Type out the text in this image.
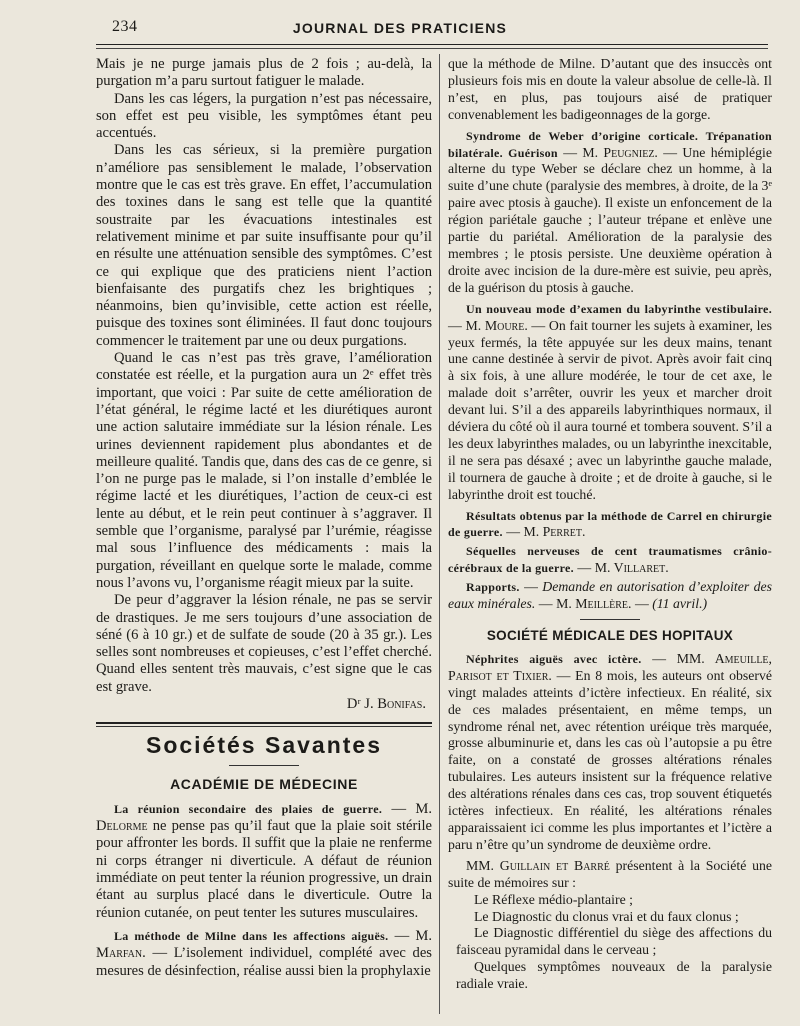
234	JOURNAL DES PRATICIENS

Mais je ne purge jamais plus de 2 fois ; au-delà, la purgation m’a paru surtout fatiguer le malade.

Dans les cas légers, la purgation n’est pas nécessaire, son effet est peu visible, les symptômes étant peu accentués.

Dans les cas sérieux, si la première purgation n’améliore pas sensiblement le malade, l’observation montre que le cas est très grave. En effet, l’accumulation des toxines dans le sang est telle que la quantité soustraite par les évacuations intestinales est relativement minime et par suite insuffisante pour qu’il en résulte une atténuation sensible des symptômes. C’est ce qui explique que des praticiens nient l’action bienfaisante des purgatifs chez les brightiques ; néanmoins, bien qu’invisible, cette action est réelle, puisque des toxines sont éliminées. Il faut donc toujours commencer le traitement par une ou deux purgations.

Quand le cas n’est pas très grave, l’amélioration constatée est réelle, et la purgation aura un 2ᵉ effet très important, que voici : Par suite de cette amélioration de l’état général, le régime lacté et les diurétiques auront une action salutaire immédiate sur la lésion rénale. Les urines deviennent rapidement plus abondantes et de meilleure qualité. Tandis que, dans des cas de ce genre, si l’on ne purge pas le malade, si l’on installe d’emblée le régime lacté et les diurétiques, l’action de ceux-ci est lente au début, et le rein peut continuer à s’aggraver. Il semble que l’organisme, paralysé par l’urémie, réagisse mal sous l’influence des médicaments : mais la purgation, réveillant en quelque sorte le malade, comme nous l’avons vu, l’organisme réagit mieux par la suite.

De peur d’aggraver la lésion rénale, ne pas se servir de drastiques. Je me sers toujours d’une association de séné (6 à 10 gr.) et de sulfate de soude (20 à 35 gr.). Les selles sont nombreuses et copieuses, c’est l’effet cherché. Quand elles sentent très mauvais, c’est signe que le cas est grave.

Dʳ J. Bonifas.

Sociétés Savantes
ACADÉMIE DE MÉDECINE

La réunion secondaire des plaies de guerre. — M. Delorme ne pense pas qu’il faut que la plaie soit stérile pour affronter les bords. Il suffit que la plaie ne renferme ni corps étranger ni diverticule. A défaut de réunion immédiate on peut tenter la réunion progressive, un drain étant au surplus placé dans le diverticule. Outre la réunion cutanée, on peut tenter les sutures musculaires.

La méthode de Milne dans les affections aiguës. — M. Marfan. — L’isolement individuel, complété avec des mesures de désinfection, réalise aussi bien la prophylaxie

que la méthode de Milne. D’autant que des insuccès ont plusieurs fois mis en doute la valeur absolue de celle-là. Il n’est, en plus, pas toujours aisé de pratiquer convenablement les badigeonnages de la gorge.

Syndrome de Weber d’origine corticale. Trépanation bilatérale. Guérison — M. Peugniez. — Une hémiplégie alterne du type Weber se déclare chez un homme, à la suite d’une chute (paralysie des membres, à droite, de la 3ᵉ paire avec ptosis à gauche). Il existe un enfoncement de la région pariétale gauche ; l’auteur trépane et enlève une partie du pariétal. Amélioration de la paralysie des membres ; le ptosis persiste. Une deuxième opération à droite avec incision de la dure-mère est suivie, peu après, de la guérison du ptosis à gauche.

Un nouveau mode d’examen du labyrinthe vestibulaire. — M. Moure. — On fait tourner les sujets à examiner, les yeux fermés, la tête appuyée sur les deux mains, tenant une canne destinée à servir de pivot. Après avoir fait cinq à six fois, à une allure modérée, le tour de cet axe, le malade doit s’arrêter, ouvrir les yeux et marcher droit devant lui. S’il a des appareils labyrinthiques normaux, il déviera du côté où il aura tourné et tombera souvent. S’il a les deux labyrinthes malades, ou un labyrinthe inexcitable, il ne sera pas désaxé ; avec un labyrinthe gauche malade, il tournera de gauche à droite ; et de droite à gauche, si le labyrinthe droit est touché.

Résultats obtenus par la méthode de Carrel en chirurgie de guerre. — M. Perret.

Séquelles nerveuses de cent traumatismes crânio-cérébraux de la guerre. — M. Villaret.

Rapports. — Demande en autorisation d’exploiter des eaux minérales. — M. Meillère. — (11 avril.)

SOCIÉTÉ MÉDICALE DES HOPITAUX

Néphrites aiguës avec ictère. — MM. Ameuille, Parisot et Tixier. — En 8 mois, les auteurs ont observé vingt malades atteints d’ictère infectieux. En réalité, six de ces malades présentaient, en même temps, un syndrome rénal net, avec rétention uréique très marquée, grosse albuminurie et, dans les cas où l’autopsie a pu être faite, on a constaté de grosses altérations rénales tubulaires. Les auteurs insistent sur la fréquence relative des altérations rénales dans ces cas, trop souvent étiquetés ictères infectieux. En réalité, les altérations rénales apparaissaient ici comme les plus importantes et l’ictère a paru n’être qu’un syndrome de deuxième ordre.

MM. Guillain et Barré présentent à la Société une suite de mémoires sur :

Le Réflexe médio-plantaire ;
Le Diagnostic du clonus vrai et du faux clonus ;
Le Diagnostic différentiel du siège des affections du faisceau pyramidal dans le cerveau ;
Quelques symptômes nouveaux de la paralysie radiale vraie.
